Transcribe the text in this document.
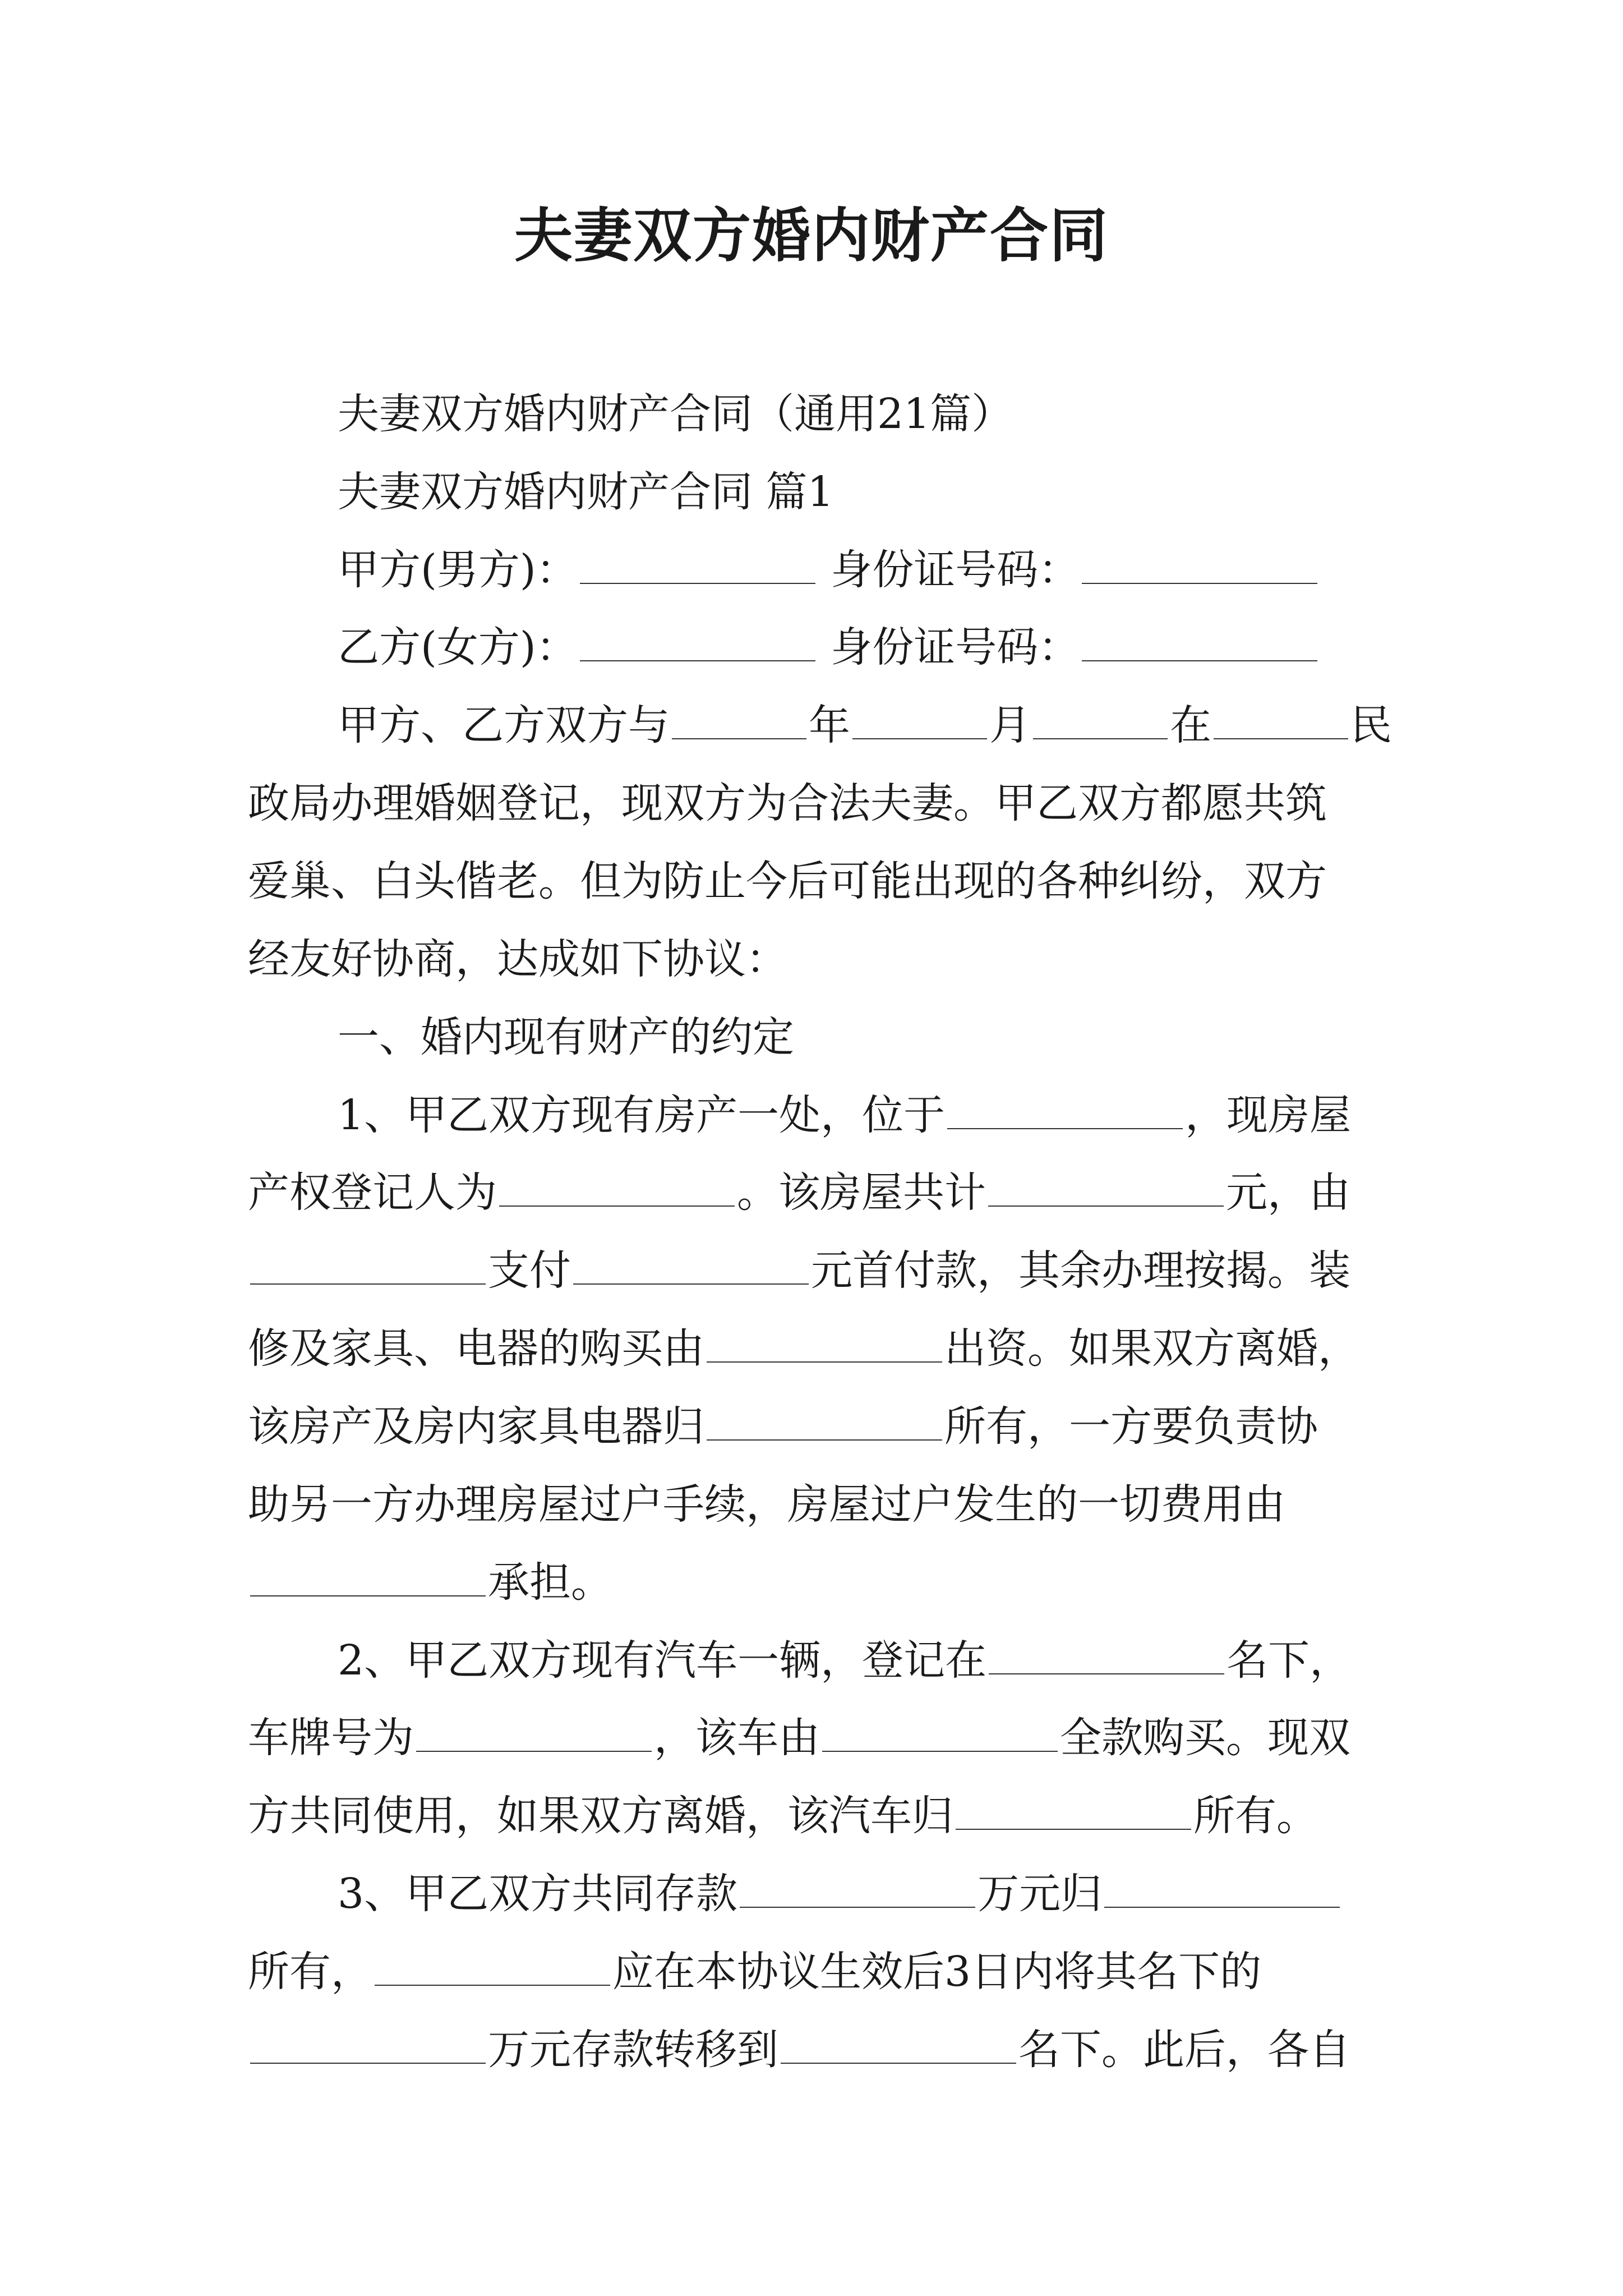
夫妻双方婚内财产合同
夫妻双方婚内财产合同（通用21篇）
夫妻双方婚内财产合同 篇1
甲方(男方)：	身份证号码：
乙方(女方)：	身份证号码：
甲方、乙方双方与	年	月	在	民
政局办理婚姻登记，现双方为合法夫妻。甲乙双方都愿共筑
爱巢、白头偕老。但为防止今后可能出现的各种纠纷，双方
经友好协商，达成如下协议：
一、婚内现有财产的约定
1、甲乙双方现有房产一处，位于	，现房屋
产权登记人为	。该房屋共计	元，由
支付	元首付款，其余办理按揭。装
修及家具、电器的购买由	出资。如果双方离婚，
该房产及房内家具电器归	所有，一方要负责协
助另一方办理房屋过户手续，房屋过户发生的一切费用由
承担。
2、甲乙双方现有汽车一辆，登记在	名下，
车牌号为	，该车由	全款购买。现双
方共同使用，如果双方离婚，该汽车归	所有。
3、甲乙双方共同存款	万元归
所有，	应在本协议生效后3日内将其名下的
万元存款转移到	名下。此后，各自
